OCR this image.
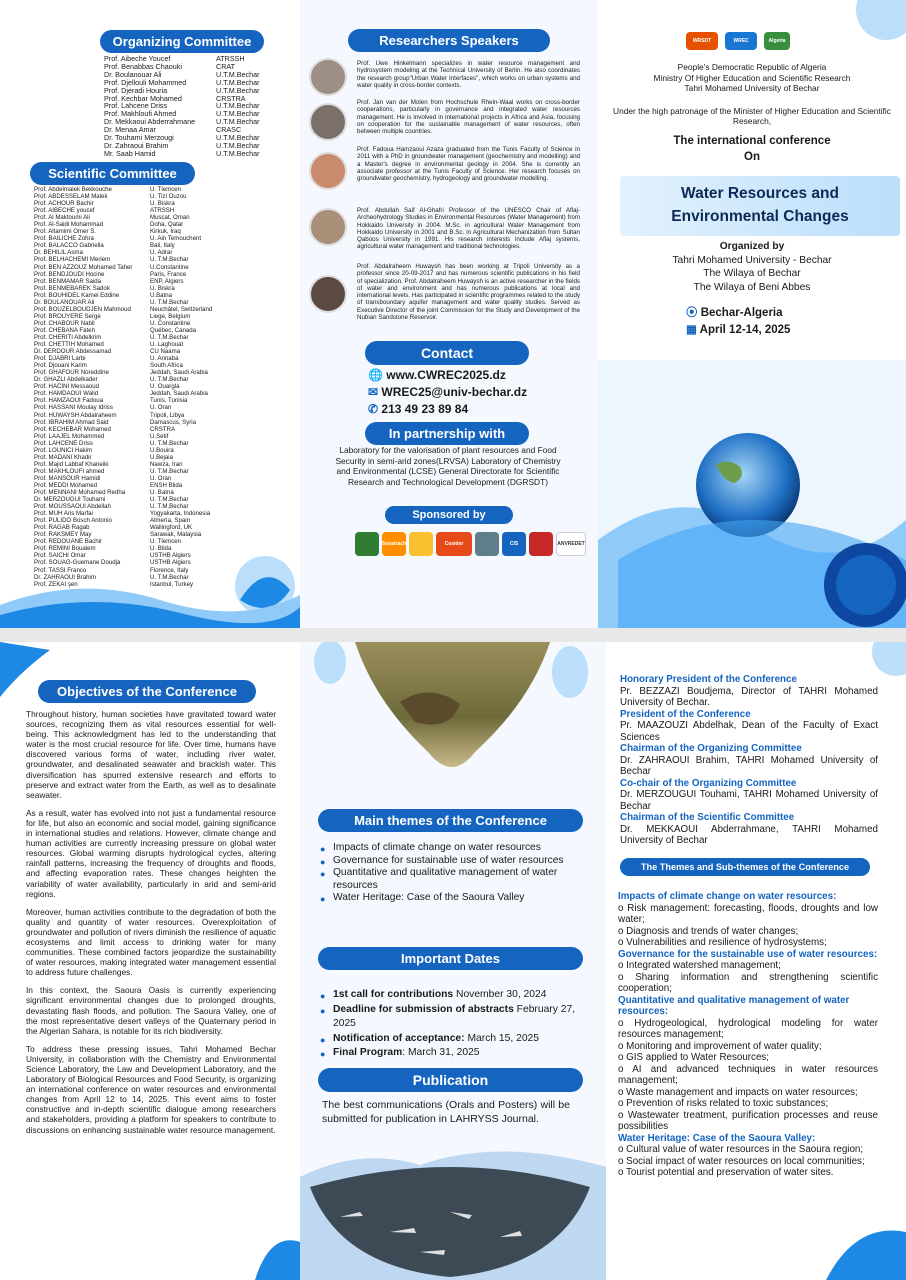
Organizing Committee
Prof. Aibeche Youcef	ATRSSH
Prof. Benabbas Chaouki	CRAT
Dr. Boulanouar Ali	U.T.M.Bechar
Prof. Djellouli Mohammed	U.T.M.Bechar
Prof. Djeradi Houria	U.T.M.Bechar
Prof. Kechbar Mohamed	CRSTRA
Prof. Lahcene Driss	U.T.M.Bechar
Prof. Makhloufi Ahmed	U.T.M.Bechar
Dr. Mekkaoui Abderrahmane	U.T.M.Bechar
Dr. Menaa Amar	CRASC
Dr. Touhami Merzougi	U.T.M.Bechar
Dr. Zahraoui Brahim	U.T.M.Bechar
Mr. Saab Hamid	U.T.M.Bechar
Scientific Committee
Prof. Abdelmalek Bekkouche	U. Tlemcen
Prof. ABDESSELAM Malek	U. Tizi Ouzou
Prof. ACHOUR Bachir	U. Biskra
Prof. AIBECHE youcef	ATRSSH
Prof. Al Maktoumi Ali	Muscat, Oman
Prof. Al-Saidi Mohammad	Doha, Qatar
Prof. Altamimi Omer S.	Kirkuk, Iraq
Prof. BAILICHE Zohra	U. Ain Temouchent
Prof. BALACCO Gabriella	Bali, Italy
Dr. BEHILIL Asma	U. Adrar
Prof. BELHACHEMI Meriem	U. T.M.Bechar
Prof. BEN AZZOUZ Mohamed Taher	U.Constantine
Prof. BENDJOUDI Hocine	Paris, France
Prof. BENMAMAR Saida	ENP, Algiers
Prof. BENMEBAREK Sadok	U. Biskra
Prof. BOUHIDEL Kamel Eddine	U.Batna
Dr. BOULANOUAR Ali	U. T.M.Bechar
Prof. BOUZELBOUDJEN Mahmoud	Neuchâtel, Switzerland
Prof. BROUYERE Serge	Liege, Belgium
Prof. CHABOUR Nabil	U. Constantine
Prof. CHEBANA Fateh	Québec, Canada
Prof. CHERITI Abdelkrim	U. T.M.Bechar
Prof. CHETTIH Mohamed	U. Laghouat
Dr. DERDOUR Abdessamad	CU Naama
Prof. DJABRI Larbi	U. Annaba
Prof. Djouani Karim	South Africa
Prof. GHAFOUR Noreddine	Jeddah, Saudi Arabia
Dr. GHAZLI Abdelkader	U. T.M.Bechar
Prof. HACINI Messaoud	U. Ouargla
Prof. HAMDAOUI Walid	Jeddah, Saudi Arabia
Prof. HAMZAOUI Fadoua	Tunis, Tunisia
Prof. HASSANI Moulay Idriss	U. Oran
Prof. HUWAYSH Abdalraheem	Tripoli, Libya
Prof. IBRAHIM Ahmad Said	Damascus, Syria
Prof. KECHEBAR Mohamed	CRSTRA
Prof. LAAJEL Mohammed	U.Setif
Prof. LAHCENE Driss	U. T.M.Bechar
Prof. LOUNICI Hakim	U.Bouira
Prof. MADANI Khadir	U.Bejaia
Prof. Majid Labbaf Khaneiki	Nawza, Iran
Prof. MAKHLOUFI ahmed	U. T.M.Bechar
Prof. MANSOUR Hamidi	U. Oran
Prof. MEDDI Mohamed	ENSH Blida
Prof. MENNANI Mohamed Redha	U. Batna
Dr. MERZOUGUI Touhami	U. T.M.Bechar
Prof. MOUSSAOUI Abdellah	U. T.M.Bechar
Prof. MUH Aris Marfai	Yogyakarta, Indonesia
Prof. PULIDO Bosch Antonio	Almería, Spain
Prof. RAGAB Ragab	Wallingford, UK
Prof. RAKSMEY May	Sarawak, Malaysia
Prof. REDOUANE Bachir	U. Tlemcen
Prof. REMINI Boualem	U. Blida
Prof. SAICHI Omar	USTHB Algiers
Prof. SOUAG-Guemane Doudja	USTHB Algiers
Prof. TASSI Franco	Florence, Italy
Dr. ZAHRAOUI Brahim	U. T.M.Bechar
Prof. ZEKAI şen	Istanbul, Turkey
Researchers Speakers
Prof. Uwe Hinkelmann specializes in water resource management and hydrosystem modeling at the Technical University of Berlin. He also coordinates the research group"Urban Water Interfaces", which works on urban systems and water quality in cross-border contexts.
Prof. Jan van der Molen from Hochschule Rhein-Waal works on cross-border cooperations, particularly in governance and integrated water resources management. He is involved in international projects in Africa and Asia, focusing on cooperation for the sustainable management of water resources, often between multiple countries.
Prof. Fadoua Hamzaoui Azaza graduated from the Tunis Faculty of Science in 2011 with a PhD in groundwater management (geochemistry and modelling) and a Master's degree in environmental geology in 2004. She is currently an associate professor at the Tunis Faculty of Science. Her research focuses on groundwater geochemistry, hydrogeology and groundwater modelling.
Prof. Abdullah Saif Al-Ghafri Professor of the UNESCO Chair of Aflaj-Archeohydrology Studies in Environmental Resources (Water Management) from Hokkaido University in 2004. M.Sc. in agricultural Water Management from Hokkaido University in 2001 and B.Sc. in Agricultural Mechanization from Sultan Qaboos University in 1991. His research interests include Aflaj systems, agricultural water management and traditional technologies.
Prof. Abdalraheem Huwaysh has been working at Tripoli University as a professor since 20-09-2017 and has numerous scientific publications in his field of specialization. Prof. Abdalraheem Huwaysh is an active researcher in the fields of water and environment and has numerous publications at local and international levels. Has participated in scientific programmes related to the study of transboundary aquifer management and water quality studies. Served as Executive Director of the joint Commission for the Study and Development of the Nubian Sandstone Reservoir.
Contact
🌐 www.CWREC2025.dz
✉ WREC25@univ-bechar.dz
✆ 213 49 23 89 84
In partnership with
Laboratory for the valorisation of plant resources and Food Security in semi-arid zones(LRVSA) Laboratory of Chemistry and Environmental (LCSE) General Directorate for Scientific Research and Technological Development (DGRSDT)
Sponsored by
Sonatrach	Cosider	CIS	ANVREDET
WRSDT	WREC	Algeria
People's Democratic Republic of Algeria
Ministry Of Higher Education and Scientific Research
Tahri Mohamed University of Bechar
Under the high patronage of the Minister of Higher Education and Scientific Research,
The international conference
On
Water Resources and
Environmental Changes
Organized by
Tahri Mohamed University - Bechar
The Wilaya of Bechar
The Wilaya of Beni Abbes
⦿ Bechar-Algeria
▦ April 12-14, 2025
Objectives of the Conference

Throughout history, human societies have gravitated toward water sources, recognizing them as vital resources essential for well-being. This acknowledgment has led to the understanding that water is the most crucial resource for life. Over time, humans have discovered various forms of water, including river water, groundwater, and desalinated seawater and brackish water. This diversification has spurred extensive research and efforts to preserve and extract water from the Earth, as well as to desalinate seawater.

As a result, water has evolved into not just a fundamental resource for life, but also an economic and social model, gaining significance in international studies and relations. However, climate change and human activities are currently increasing pressure on global water resources. Global warming disrupts hydrological cycles, altering rainfall patterns, increasing the frequency of droughts and floods, and affecting evaporation rates. These changes heighten the variability of water availability, particularly in arid and semi-arid regions.

Moreover, human activities contribute to the degradation of both the quality and quantity of water resources. Overexploitation of groundwater and pollution of rivers diminish the resilience of aquatic ecosystems and limit access to drinking water for many communities. These combined factors jeopardize the sustainability of water resources, making integrated water management essential to address future challenges.

In this context, the Saoura Oasis is currently experiencing significant environmental changes due to prolonged droughts, devastating flash floods, and pollution. The Saoura Valley, one of the most representative desert valleys of the Quaternary period in the Algerian Sahara, is notable for its rich biodiversity.

To address these pressing issues, Tahri Mohamed Bechar University, in collaboration with the Chemistry and Environmental Science Laboratory, the Law and Development Laboratory, and the Laboratory of Biological Resources and Food Security, is organizing an international conference on water resources and environmental changes from April 12 to 14, 2025. This event aims to foster constructive and in-depth scientific dialogue among researchers and stakeholders, providing a platform for speakers to contribute to discussions on enhancing sustainable water resource management.

Main themes of the Conference
● Impacts of climate change on water resources
● Governance for sustainable use of water resources
● Quantitative and qualitative management of water resources
● Water Heritage: Case of the Saoura Valley
Important Dates
● 1st call for contributions November 30, 2024
● Deadline for submission of abstracts February 27, 2025
● Notification of acceptance: March 15, 2025
● Final Program: March 31, 2025
Publication
The best communications (Orals and Posters) will be submitted for publication in LAHRYSS Journal.
Honorary President of the Conference
Pr. BEZZAZI Boudjema, Director of TAHRI Mohamed University of Bechar.
President of the Conference
Pr. MAAZOUZI Abdelhak, Dean of the Faculty of Exact Sciences
Chairman of the Organizing Committee
Dr. ZAHRAOUI Brahim, TAHRI Mohamed University of Bechar
Co-chair of the Organizing Committee
Dr. MERZOUGUI Touhami, TAHRI Mohamed University of Bechar
Chairman of the Scientific Committee
Dr. MEKKAOUI Abderrahmane, TAHRI Mohamed University of Bechar
The Themes and Sub-themes of the Conference
Impacts of climate change on water resources:
o Risk management: forecasting, floods, droughts and low water;
o Diagnosis and trends of water changes;
o Vulnerabilities and resilience of hydrosystems;
Governance for the sustainable use of water resources:
o Integrated watershed management;
o Sharing information and strengthening scientific cooperation;
Quantitative and qualitative management of water resources:
o Hydrogeological, hydrological modeling for water resources management;
o Monitoring and improvement of water quality;
o GIS applied to Water Resources;
o AI and advanced techniques in water resources management;
o Waste management and impacts on water resources;
o Prevention of risks related to toxic substances;
o Wastewater treatment, purification processes and reuse possibilities
Water Heritage: Case of the Saoura Valley:
o Cultural value of water resources in the Saoura region;
o Social impact of water resources on local communities;
o Tourist potential and preservation of water sites.
